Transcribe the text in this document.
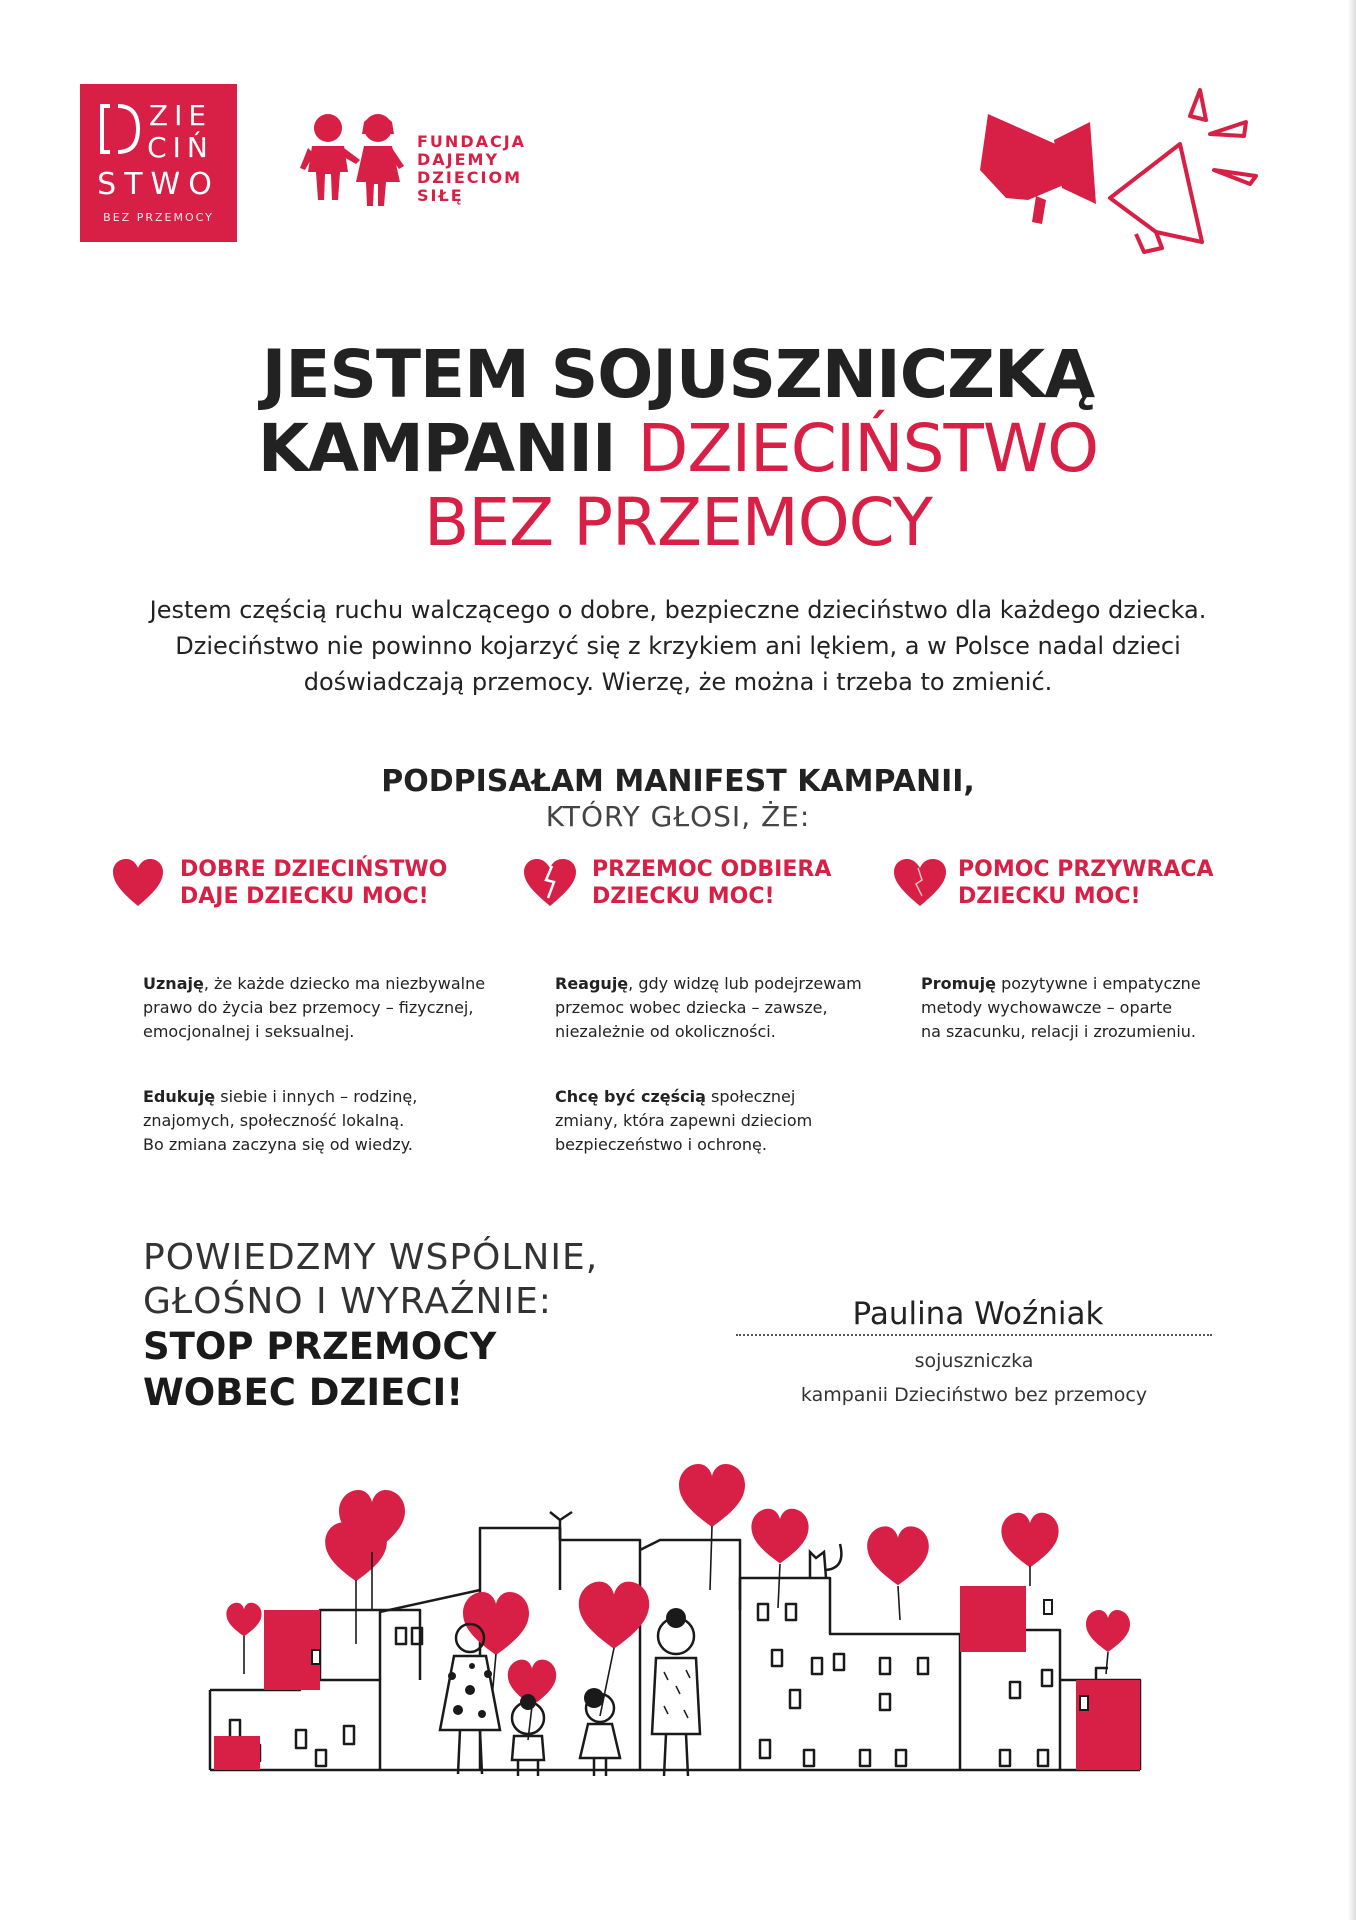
ZIE
CIŃ
STWO
BEZ PRZEMOCY
FUNDACJA
DAJEMY
DZIECIOM
SIŁĘ
JESTEM SOJUSZNICZKĄ
KAMPANII DZIECIŃSTWO
BEZ PRZEMOCY
Jestem częścią ruchu walczącego o dobre, bezpieczne dzieciństwo dla każdego dziecka.
Dzieciństwo nie powinno kojarzyć się z krzykiem ani lękiem, a w Polsce nadal dzieci
doświadczają przemocy. Wierzę, że można i trzeba to zmienić.
PODPISAŁAM MANIFEST KAMPANII,
KTÓRY GŁOSI, ŻE:
DOBRE DZIECIŃSTWO
DAJE DZIECKU MOC!
PRZEMOC ODBIERA
DZIECKU MOC!
POMOC PRZYWRACA
DZIECKU MOC!
Uznaję, że każde dziecko ma niezbywalne
prawo do życia bez przemocy – fizycznej,
emocjonalnej i seksualnej.
Reaguję, gdy widzę lub podejrzewam
przemoc wobec dziecka – zawsze,
niezależnie od okoliczności.
Promuję pozytywne i empatyczne
metody wychowawcze – oparte
na szacunku, relacji i zrozumieniu.
Edukuję siebie i innych – rodzinę,
znajomych, społeczność lokalną.
Bo zmiana zaczyna się od wiedzy.
Chcę być częścią społecznej
zmiany, która zapewni dzieciom
bezpieczeństwo i ochronę.
POWIEDZMY WSPÓLNIE,
GŁOŚNO I WYRAŹNIE:
STOP PRZEMOCY
WOBEC DZIECI!
Paulina Woźniak
sojuszniczka
kampanii Dzieciństwo bez przemocy
